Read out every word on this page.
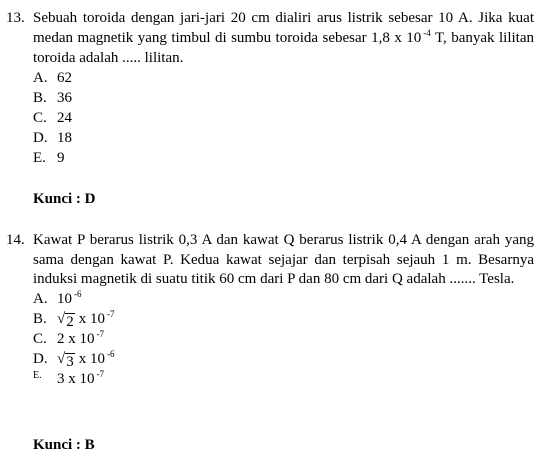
13. Sebuah toroida dengan jari-jari 20 cm dialiri arus listrik sebesar 10 A. Jika kuat medan magnetik yang timbul di sumbu toroida sebesar 1,8 x 10 $^{-4}$ T, banyak lilitan toroida adalah ..... lilitan.
A. 62
B. 36
C. 24
D. 18
E. 9
Kunci : D
14. Kawat P berarus listrik 0,3 A dan kawat Q berarus listrik 0,4 A dengan arah yang sama dengan kawat P. Kedua kawat sejajar dan terpisah sejauh 1 m. Besarnya induksi magnetik di suatu titik 60 cm dari P dan 80 cm dari Q adalah ....... Tesla.
A. 10 $^{-6}$
B. √ 2 x 10 $^{-7}$
C. 2 x 10 $^{-7}$
D. √ 3 x 10 $^{-6}$
E.	3 x 10 $^{-7}$
Kunci : B
